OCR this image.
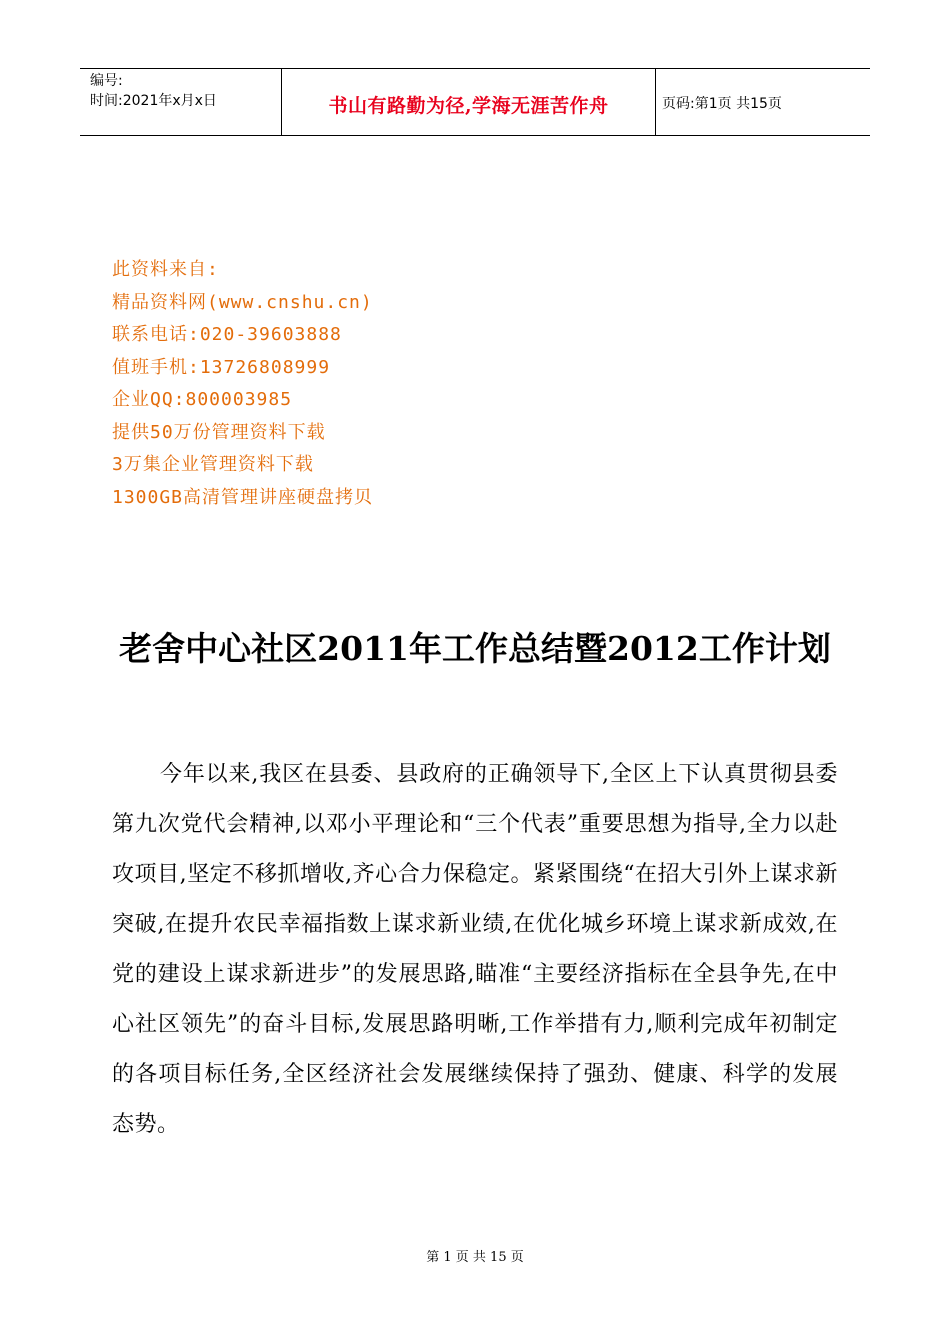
编号:
时间:2021年x月x日	书山有路勤为径,学海无涯苦作舟	页码:第1页 共15页
此资料来自:
精品资料网(www.cnshu.cn)
联系电话:020-39603888
值班手机:13726808999
企业QQ:800003985
提供50万份管理资料下载
3万集企业管理资料下载
1300GB高清管理讲座硬盘拷贝
老舍中心社区2011年工作总结暨2012工作计划
今年以来,我区在县委、县政府的正确领导下,全区上下认真贯彻县委第九次党代会精神,以邓小平理论和“三个代表”重要思想为指导,全力以赴攻项目,坚定不移抓增收,齐心合力保稳定。紧紧围绕“在招大引外上谋求新突破,在提升农民幸福指数上谋求新业绩,在优化城乡环境上谋求新成效,在党的建设上谋求新进步”的发展思路,瞄准“主要经济指标在全县争先,在中心社区领先”的奋斗目标,发展思路明晰,工作举措有力,顺利完成年初制定的各项目标任务,全区经济社会发展继续保持了强劲、健康、科学的发展态势。
第 1 页 共 15 页
